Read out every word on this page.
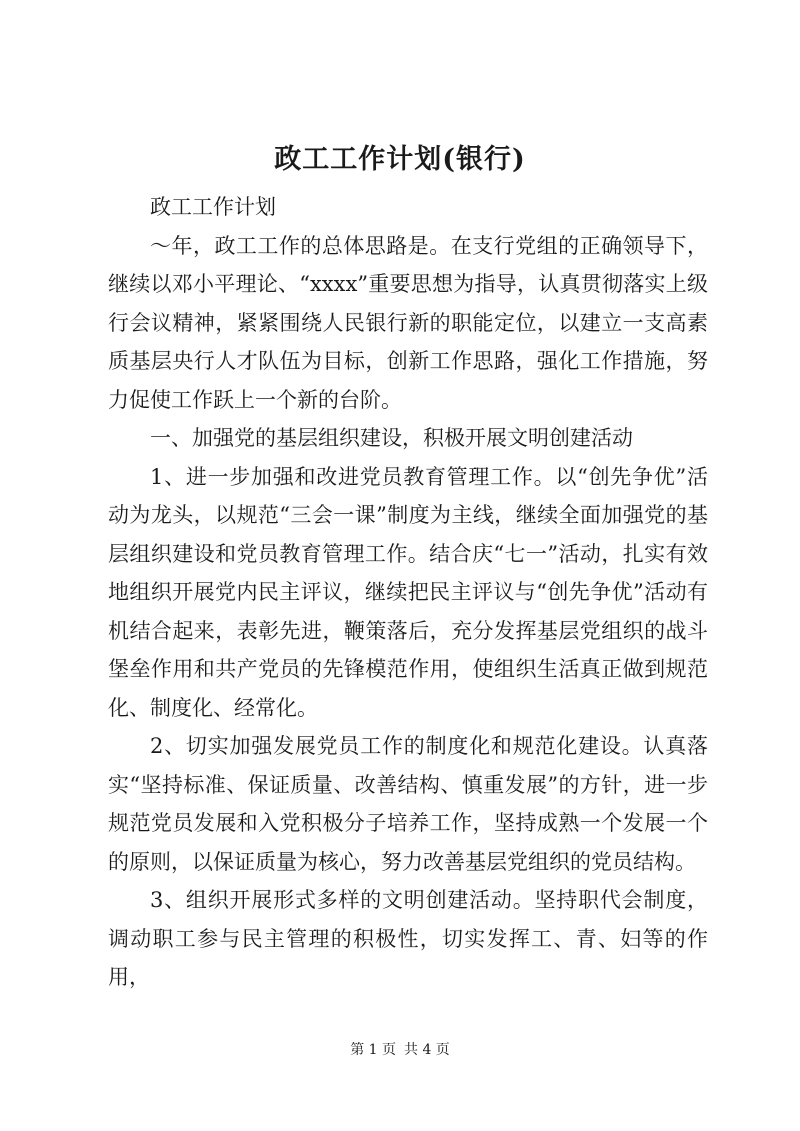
政工工作计划(银行)

政工工作计划

～年，政工工作的总体思路是。在支行党组的正确领导下，继续以邓小平理论、“xxxx”重要思想为指导，认真贯彻落实上级行会议精神，紧紧围绕人民银行新的职能定位，以建立一支高素质基层央行人才队伍为目标，创新工作思路，强化工作措施，努力促使工作跃上一个新的台阶。

一、加强党的基层组织建设，积极开展文明创建活动

1、进一步加强和改进党员教育管理工作。以“创先争优”活动为龙头，以规范“三会一课”制度为主线，继续全面加强党的基层组织建设和党员教育管理工作。结合庆“七一”活动，扎实有效地组织开展党内民主评议，继续把民主评议与“创先争优”活动有机结合起来，表彰先进，鞭策落后，充分发挥基层党组织的战斗堡垒作用和共产党员的先锋模范作用，使组织生活真正做到规范化、制度化、经常化。

2、切实加强发展党员工作的制度化和规范化建设。认真落实“坚持标准、保证质量、改善结构、慎重发展”的方针，进一步规范党员发展和入党积极分子培养工作，坚持成熟一个发展一个的原则，以保证质量为核心，努力改善基层党组织的党员结构。

3、组织开展形式多样的文明创建活动。坚持职代会制度，调动职工参与民主管理的积极性，切实发挥工、青、妇等的作用，

第 1 页 共 4 页
